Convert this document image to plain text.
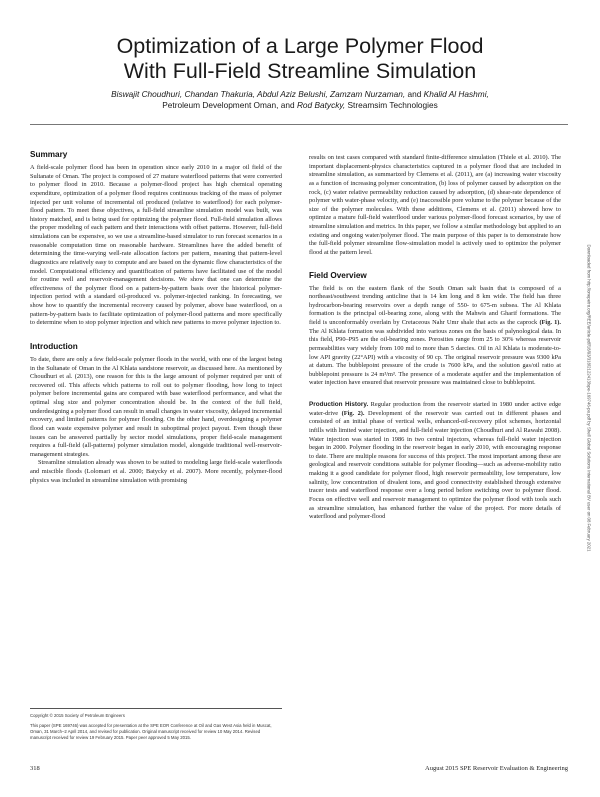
Optimization of a Large Polymer Flood
With Full-Field Streamline Simulation
Biswajit Choudhuri, Chandan Thakuria, Abdul Aziz Belushi, Zamzam Nurzaman, and Khalid Al Hashmi,
Petroleum Development Oman, and Rod Batycky, Streamsim Technologies
Summary

A field-scale polymer flood has been in operation since early 2010 in a major oil field of the Sultanate of Oman. The project is composed of 27 mature waterflood patterns that were converted to polymer flood in 2010. Because a polymer-flood project has high chemical operating expenditure, optimization of a polymer flood requires continuous tracking of the mass of polymer injected per unit volume of incremental oil produced (relative to waterflood) for each polymer-flood pattern. To meet these objectives, a full-field streamline simulation model was built, was history matched, and is being used for optimizing the polymer flood. Full-field simulation allows the proper modeling of each pattern and their interactions with offset patterns. However, full-field simulations can be expensive, so we use a streamline-based simulator to run forecast scenarios in a reasonable computation time on reasonable hardware. Streamlines have the added benefit of determining the time-varying well-rate allocation factors per pattern, meaning that pattern-level diagnostics are relatively easy to compute and are based on the dynamic flow characteristics of the model. Computational efficiency and quantification of patterns have facilitated use of the model for routine well and reservoir-management decisions. We show that one can determine the effectiveness of the polymer flood on a pattern-by-pattern basis over the historical polymer-injection period with a standard oil-produced vs. polymer-injected ranking. In forecasting, we show how to quantify the incremental recovery caused by polymer, above base waterflood, on a pattern-by-pattern basis to facilitate optimization of polymer-flood patterns and more specifically to determine when to stop polymer injection and which new patterns to move polymer injection to.

Introduction

To date, there are only a few field-scale polymer floods in the world, with one of the largest being in the Sultanate of Oman in the Al Khlata sandstone reservoir, as discussed here. As mentioned by Choudhuri et al. (2013), one reason for this is the large amount of polymer required per unit of recovered oil. This affects which patterns to roll out to polymer flooding, how long to inject polymer before incremental gains are compared with base waterflood performance, and what the optimal slug size and polymer concentration should be. In the context of the full field, underdesigning a polymer flood can result in small changes in water viscosity, delayed incremental recovery, and limited patterns for polymer flooding. On the other hand, overdesigning a polymer flood can waste expensive polymer and result in suboptimal project payout. Even though these issues can be answered partially by sector model simulations, proper field-scale management requires a full-field (all-patterns) polymer simulation model, alongside traditional well-reservoir-management strategies.

Streamline simulation already was shown to be suited to modeling large field-scale waterfloods and miscible floods (Lolomari et al. 2000; Batycky et al. 2007). More recently, polymer-flood physics was included in streamline simulation with promising

results on test cases compared with standard finite-difference simulation (Thiele et al. 2010). The important displacement-physics characteristics captured in a polymer flood that are included in streamline simulation, as summarized by Clemens et al. (2011), are (a) increasing water viscosity as a function of increasing polymer concentration, (b) loss of polymer caused by adsorption on the rock, (c) water relative permeability reduction caused by adsorption, (d) shear-rate dependence of polymer with water-phase velocity, and (e) inaccessible pore volume to the polymer because of the size of the polymer molecules. With these additions, Clemens et al. (2011) showed how to optimize a mature full-field waterflood under various polymer-flood forecast scenarios, by use of streamline simulation and metrics. In this paper, we follow a similar methodology but applied to an existing and ongoing water/polymer flood. The main purpose of this paper is to demonstrate how the full-field polymer streamline flow-simulation model is actively used to optimize the polymer flood at the pattern level.

Field Overview

The field is on the eastern flank of the South Oman salt basin that is composed of a northeast/southwest trending anticline that is 14 km long and 8 km wide. The field has three hydrocarbon-bearing reservoirs over a depth range of 550- to 675-m subsea. The Al Khlata formation is the principal oil-bearing zone, along with the Mahwis and Gharif formations. The field is unconformably overlain by Cretaceous Nahr Umr shale that acts as the caprock (Fig. 1). The Al Khlata formation was subdivided into various zones on the basis of palynological data. In this field, P90–P95 are the oil-bearing zones. Porosities range from 25 to 30% whereas reservoir permeabilities vary widely from 100 md to more than 5 darcies. Oil in Al Khlata is moderate-to-low API gravity (22°API) with a viscosity of 90 cp. The original reservoir pressure was 9300 kPa at datum. The bubblepoint pressure of the crude is 7600 kPa, and the solution gas/oil ratio at bubblepoint pressure is 24 m³/m³. The presence of a moderate aquifer and the implementation of water injection have ensured that reservoir pressure was maintained close to bubblepoint.

Production History. Regular production from the reservoir started in 1980 under active edge water-drive (Fig. 2). Development of the reservoir was carried out in different phases and consisted of an initial phase of vertical wells, enhanced-oil-recovery pilot schemes, horizontal infills with limited water injection, and full-field water injection (Choudhuri and Al Rawahi 2008). Water injection was started in 1986 in two central injectors, whereas full-field water injection began in 2000. Polymer flooding in the reservoir began in early 2010, with encouraging response to date. There are multiple reasons for success of this project. The most important among these are geological and reservoir conditions suitable for polymer flooding—such as adverse-mobility ratio making it a good candidate for polymer flood, high reservoir permeability, low temperature, low salinity, low concentration of divalent ions, and good connectivity established through extensive tracer tests and waterflood response over a long period before switching over to polymer flood. Focus on effective well and reservoir management to optimize the polymer flood with tools such as streamline simulation, has enhanced further the value of the project. For more details of waterflood and polymer-flood

Copyright © 2015 Society of Petroleum Engineers

This paper (SPE 169746) was accepted for presentation at the SPE EOR Conference at Oil and Gas West Asia held in Muscat, Oman, 31 March–2 April 2014, and revised for publication. Original manuscript received for review 10 May 2014. Revised manuscript received for review 19 February 2015. Paper peer approved 5 May 2015.

318	August 2015 SPE Reservoir Evaluation & Engineering
Downloaded from http://onepetro.org/REE/article-pdf/18/03/318/2122413/spe-169746-pa.pdf by Shell Global Solutions International BV user on 08 February 2021
